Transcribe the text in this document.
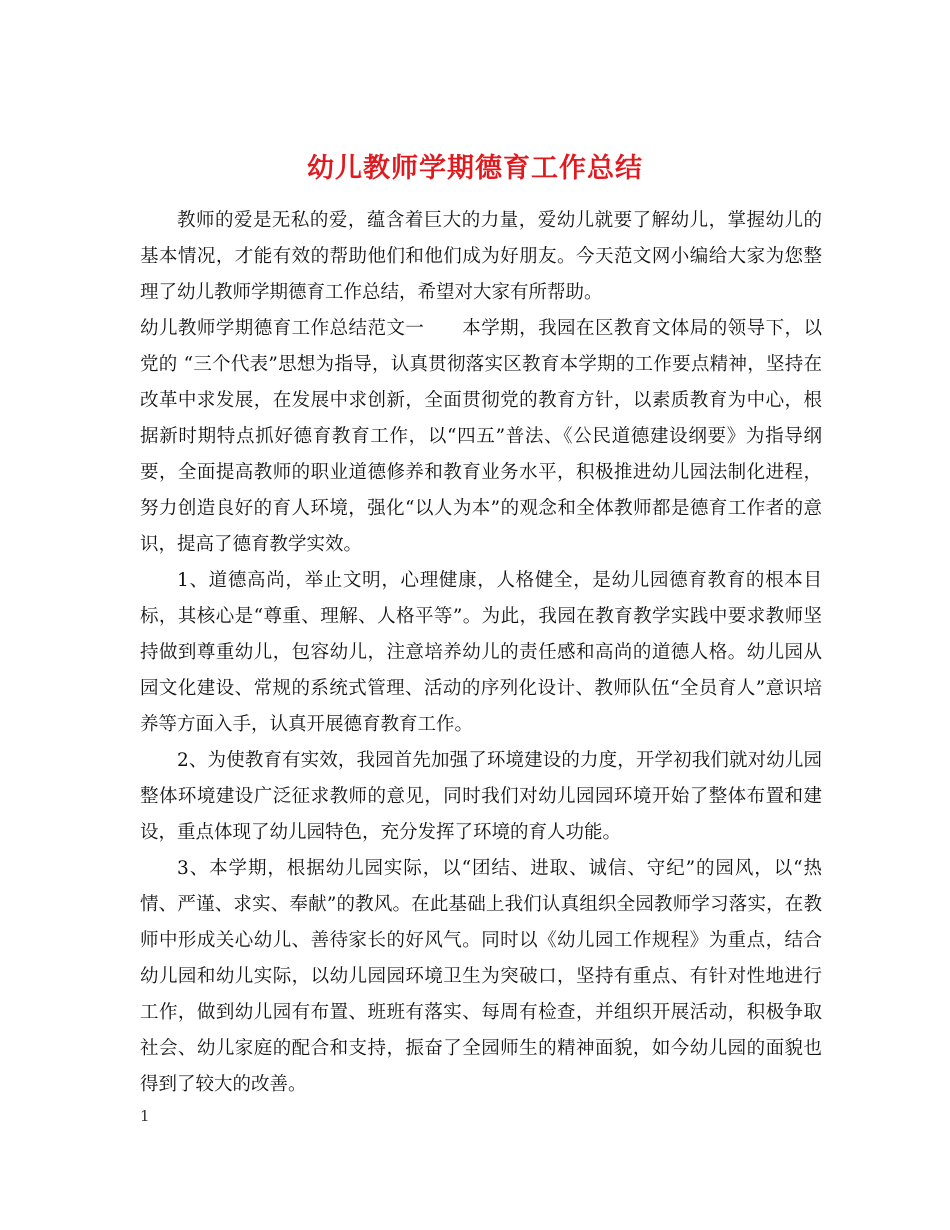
幼儿教师学期德育工作总结

教师的爱是无私的爱，蕴含着巨大的力量，爱幼儿就要了解幼儿，掌握幼儿的基本情况，才能有效的帮助他们和他们成为好朋友。今天范文网小编给大家为您整理了幼儿教师学期德育工作总结，希望对大家有所帮助。

幼儿教师学期德育工作总结范文一　　本学期，我园在区教育文体局的领导下，以党的 “三个代表”思想为指导，认真贯彻落实区教育本学期的工作要点精神，坚持在改革中求发展，在发展中求创新，全面贯彻党的教育方针，以素质教育为中心，根据新时期特点抓好德育教育工作，以“四五”普法、《公民道德建设纲要》为指导纲要，全面提高教师的职业道德修养和教育业务水平，积极推进幼儿园法制化进程，努力创造良好的育人环境，强化“以人为本”的观念和全体教师都是德育工作者的意识，提高了德育教学实效。

1、道德高尚，举止文明，心理健康，人格健全，是幼儿园德育教育的根本目标，其核心是“尊重、理解、人格平等”。为此，我园在教育教学实践中要求教师坚持做到尊重幼儿，包容幼儿，注意培养幼儿的责任感和高尚的道德人格。幼儿园从园文化建设、常规的系统式管理、活动的序列化设计、教师队伍“全员育人”意识培养等方面入手，认真开展德育教育工作。

2、为使教育有实效，我园首先加强了环境建设的力度，开学初我们就对幼儿园整体环境建设广泛征求教师的意见，同时我们对幼儿园园环境开始了整体布置和建设，重点体现了幼儿园特色，充分发挥了环境的育人功能。

3、本学期，根据幼儿园实际，以“团结、进取、诚信、守纪”的园风，以“热情、严谨、求实、奉献”的教风。在此基础上我们认真组织全园教师学习落实，在教师中形成关心幼儿、善待家长的好风气。同时以《幼儿园工作规程》为重点，结合幼儿园和幼儿实际，以幼儿园园环境卫生为突破口，坚持有重点、有针对性地进行工作，做到幼儿园有布置、班班有落实、每周有检查，并组织开展活动，积极争取社会、幼儿家庭的配合和支持，振奋了全园师生的精神面貌，如今幼儿园的面貌也得到了较大的改善。

1
